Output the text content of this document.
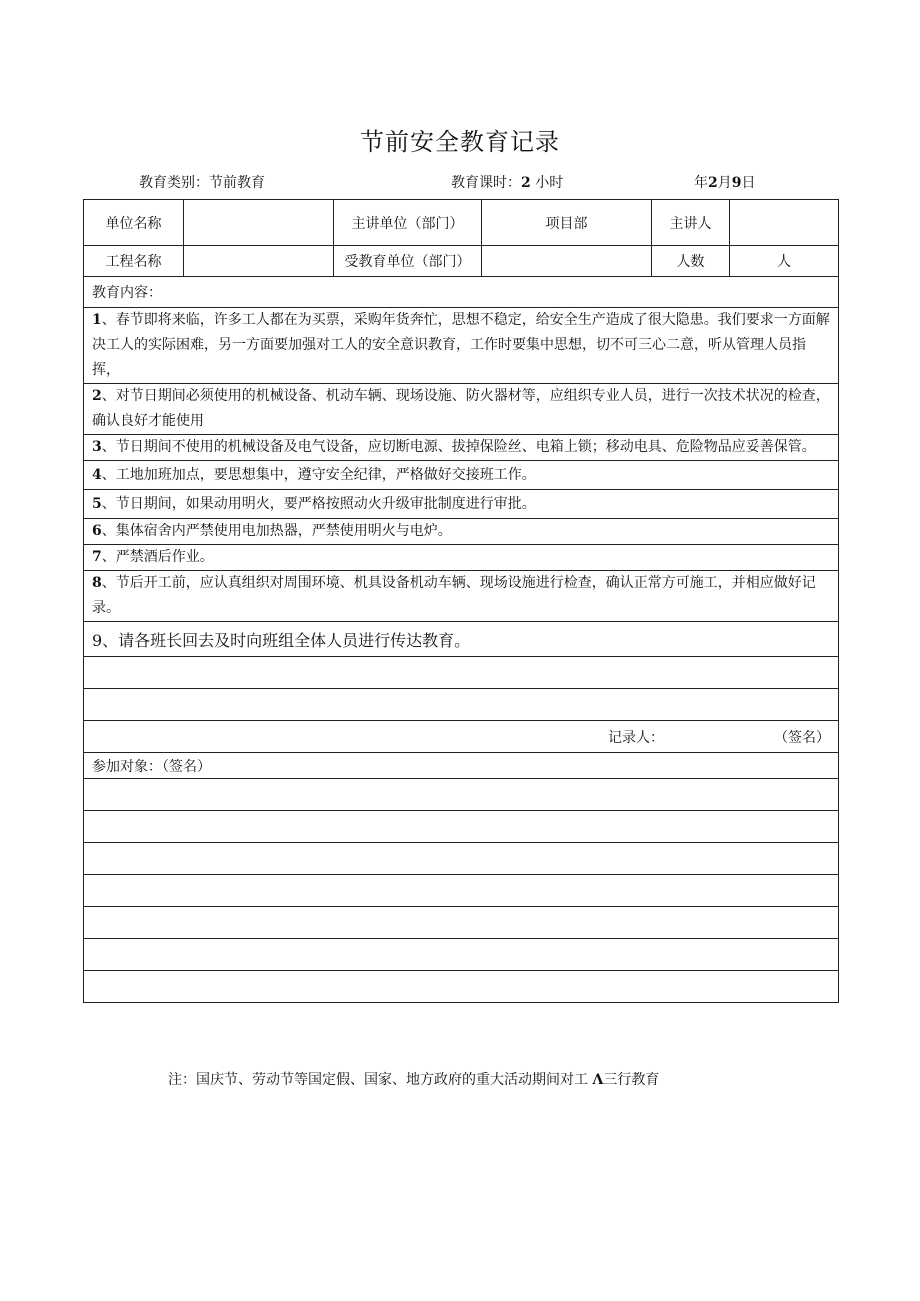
节前安全教育记录
教育类别：节前教育	教育课时：2 小时	年2月9日
单位名称		主讲单位（部门）	项目部	主讲人	
工程名称		受教育单位（部门）		人数	人
教育内容：					
1、春节即将来临，许多工人都在为买票，采购年货奔忙，思想不稳定，给安全生产造成了很大隐患。我们要求一方面解决工人的实际困难，另一方面要加强对工人的安全意识教育，工作时要集中思想，切不可三心二意，听从管理人员指挥，					
2、对节日期间必须使用的机械设备、机动车辆、现场设施、防火器材等，应组织专业人员，进行一次技术状况的检查，确认良好才能使用					
3、节日期间不使用的机械设备及电气设备，应切断电源、拔掉保险丝、电箱上锁；移动电具、危险物品应妥善保管。					
4、工地加班加点，要思想集中，遵守安全纪律，严格做好交接班工作。					
5、节日期间，如果动用明火，要严格按照动火升级审批制度进行审批。					
6、集体宿舍内严禁使用电加热器，严禁使用明火与电炉。					
7、严禁酒后作业。					
8、节后开工前，应认真组织对周围环境、机具设备机动车辆、现场设施进行检查，确认正常方可施工，并相应做好记录。					
9、请各班长回去及时向班组全体人员进行传达教育。					

记录人： （签名）					
参加对象：（签名）					

注：国庆节、劳动节等国定假、国家、地方政府的重大活动期间对工 Λ三行教育
